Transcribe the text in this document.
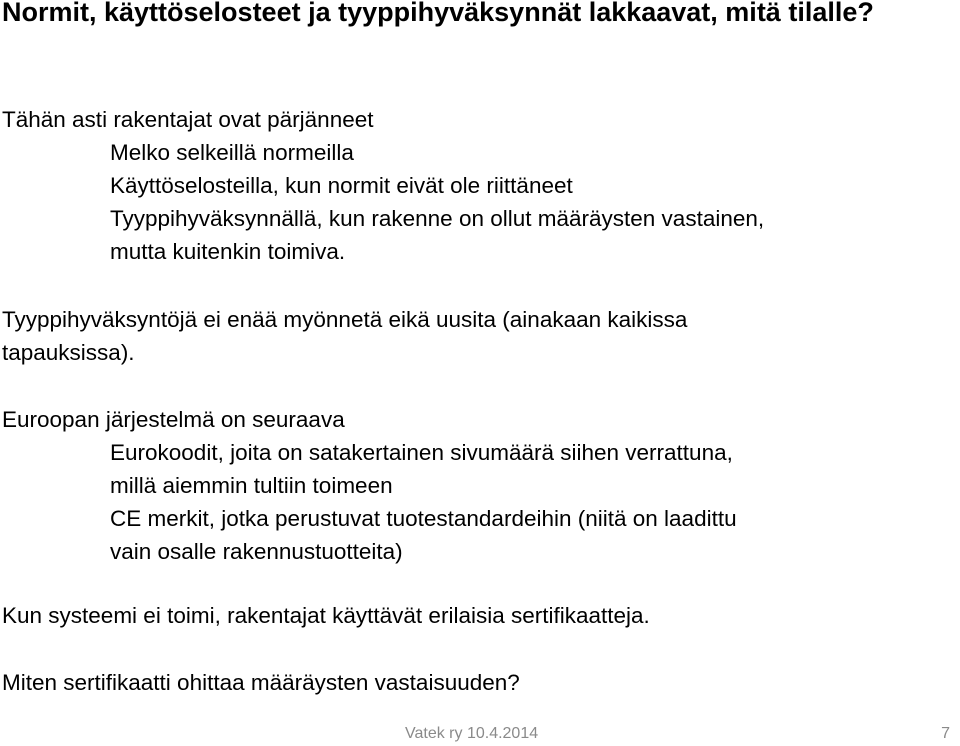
Normit, käyttöselosteet ja tyyppihyväksynnät lakkaavat, mitä tilalle?
Tähän asti rakentajat ovat pärjänneet
Melko selkeillä normeilla
Käyttöselosteilla, kun normit eivät ole riittäneet
Tyyppihyväksynnällä, kun rakenne on ollut määräysten vastainen,
mutta kuitenkin toimiva.
Tyyppihyväksyntöjä ei enää myönnetä eikä uusita (ainakaan kaikissa
tapauksissa).
Euroopan järjestelmä on seuraava
Eurokoodit, joita on satakertainen sivumäärä siihen verrattuna,
millä aiemmin tultiin toimeen
CE merkit, jotka perustuvat tuotestandardeihin (niitä on laadittu
vain osalle rakennustuotteita)
Kun systeemi ei toimi, rakentajat käyttävät erilaisia sertifikaatteja.
Miten sertifikaatti ohittaa määräysten vastaisuuden?
Vatek ry 10.4.2014	7
